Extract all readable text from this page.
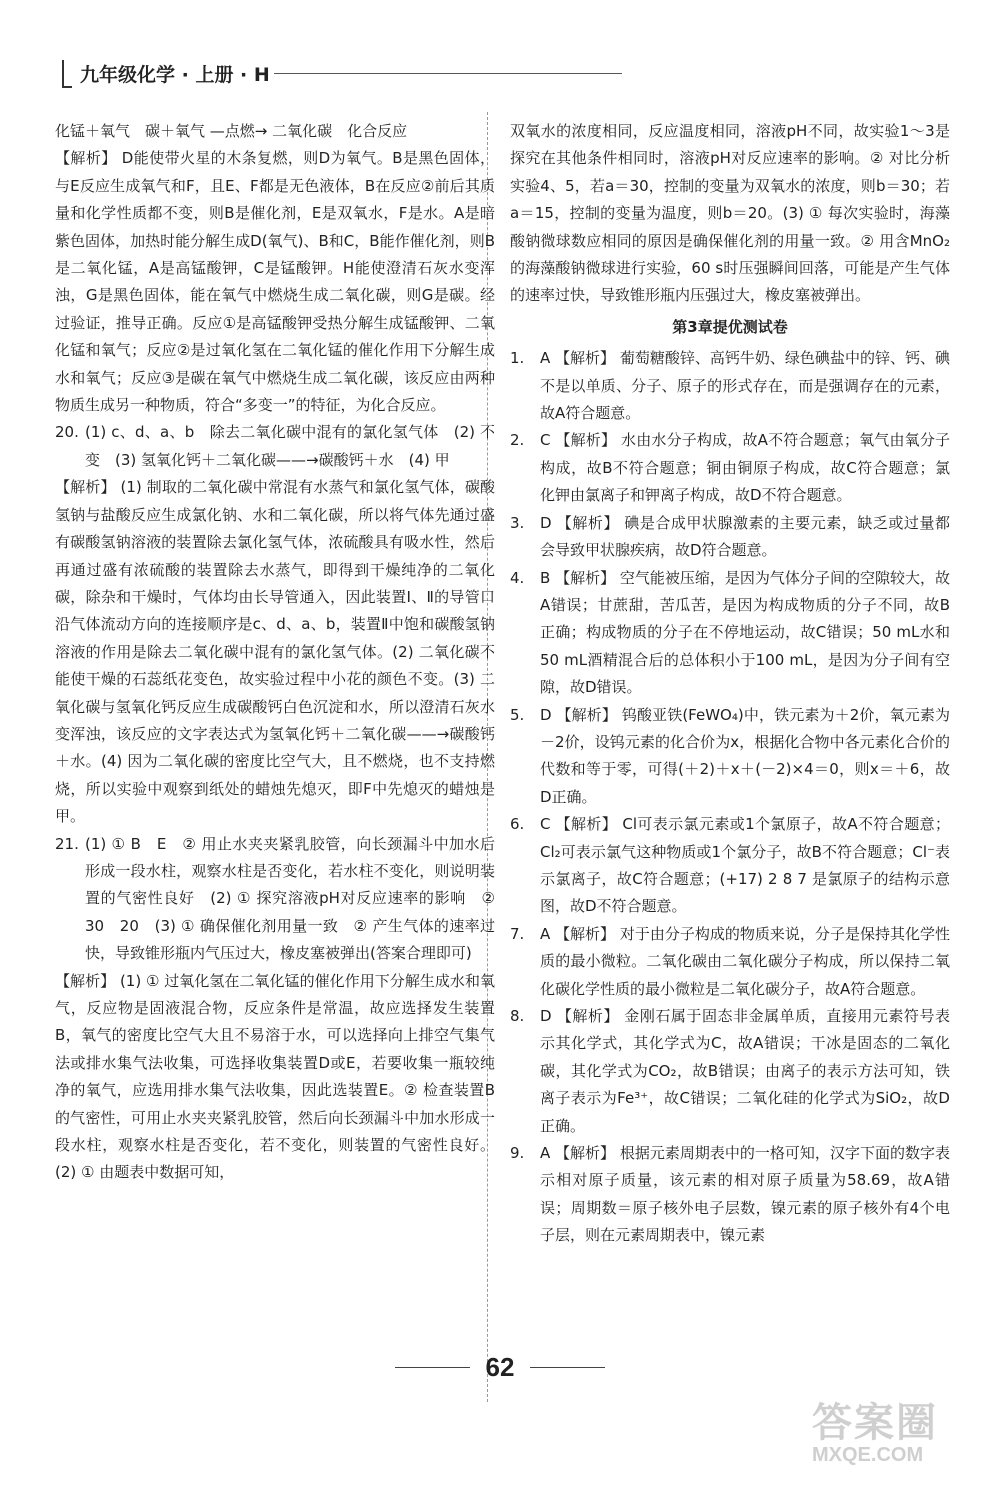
九年级化学 · 上册 · H

化锰＋氧气　碳＋氧气 —点燃→ 二氧化碳　化合反应

【解析】 D能使带火星的木条复燃，则D为氧气。B是黑色固体，与E反应生成氧气和F，且E、F都是无色液体，B在反应②前后其质量和化学性质都不变，则B是催化剂，E是双氧水，F是水。A是暗紫色固体，加热时能分解生成D(氧气)、B和C，B能作催化剂，则B是二氧化锰，A是高锰酸钾，C是锰酸钾。H能使澄清石灰水变浑浊，G是黑色固体，能在氧气中燃烧生成二氧化碳，则G是碳。经过验证，推导正确。反应①是高锰酸钾受热分解生成锰酸钾、二氧化锰和氧气；反应②是过氧化氢在二氧化锰的催化作用下分解生成水和氧气；反应③是碳在氧气中燃烧生成二氧化碳，该反应由两种物质生成另一种物质，符合“多变一”的特征，为化合反应。

20. (1) c、d、a、b　除去二氧化碳中混有的氯化氢气体　(2) 不变　(3) 氢氧化钙＋二氧化碳——→碳酸钙＋水　(4) 甲

【解析】 (1) 制取的二氧化碳中常混有水蒸气和氯化氢气体，碳酸氢钠与盐酸反应生成氯化钠、水和二氧化碳，所以将气体先通过盛有碳酸氢钠溶液的装置除去氯化氢气体，浓硫酸具有吸水性，然后再通过盛有浓硫酸的装置除去水蒸气，即得到干燥纯净的二氧化碳，除杂和干燥时，气体均由长导管通入，因此装置Ⅰ、Ⅱ的导管口沿气体流动方向的连接顺序是c、d、a、b，装置Ⅱ中饱和碳酸氢钠溶液的作用是除去二氧化碳中混有的氯化氢气体。(2) 二氧化碳不能使干燥的石蕊纸花变色，故实验过程中小花的颜色不变。(3) 二氧化碳与氢氧化钙反应生成碳酸钙白色沉淀和水，所以澄清石灰水变浑浊，该反应的文字表达式为氢氧化钙＋二氧化碳——→碳酸钙＋水。(4) 因为二氧化碳的密度比空气大，且不燃烧，也不支持燃烧，所以实验中观察到纸处的蜡烛先熄灭，即F中先熄灭的蜡烛是甲。

21. (1) ① B　E　② 用止水夹夹紧乳胶管，向长颈漏斗中加水后形成一段水柱，观察水柱是否变化，若水柱不变化，则说明装置的气密性良好　(2) ① 探究溶液pH对反应速率的影响　② 30　20　(3) ① 确保催化剂用量一致　② 产生气体的速率过快，导致锥形瓶内气压过大，橡皮塞被弹出(答案合理即可)

【解析】 (1) ① 过氧化氢在二氧化锰的催化作用下分解生成水和氧气，反应物是固液混合物，反应条件是常温，故应选择发生装置B，氧气的密度比空气大且不易溶于水，可以选择向上排空气集气法或排水集气法收集，可选择收集装置D或E，若要收集一瓶较纯净的氧气，应选用排水集气法收集，因此选装置E。② 检查装置B的气密性，可用止水夹夹紧乳胶管，然后向长颈漏斗中加水形成一段水柱，观察水柱是否变化，若不变化，则装置的气密性良好。(2) ① 由题表中数据可知，

双氧水的浓度相同，反应温度相同，溶液pH不同，故实验1～3是探究在其他条件相同时，溶液pH对反应速率的影响。② 对比分析实验4、5，若a＝30，控制的变量为双氧水的浓度，则b＝30；若a＝15，控制的变量为温度，则b＝20。(3) ① 每次实验时，海藻酸钠微球数应相同的原因是确保催化剂的用量一致。② 用含MnO₂的海藻酸钠微球进行实验，60 s时压强瞬间回落，可能是产生气体的速率过快，导致锥形瓶内压强过大，橡皮塞被弹出。

第3章提优测试卷

1. A 【解析】 葡萄糖酸锌、高钙牛奶、绿色碘盐中的锌、钙、碘不是以单质、分子、原子的形式存在，而是强调存在的元素，故A符合题意。

2. C 【解析】 水由水分子构成，故A不符合题意；氧气由氧分子构成，故B不符合题意；铜由铜原子构成，故C符合题意；氯化钾由氯离子和钾离子构成，故D不符合题意。

3. D 【解析】 碘是合成甲状腺激素的主要元素，缺乏或过量都会导致甲状腺疾病，故D符合题意。

4. B 【解析】 空气能被压缩，是因为气体分子间的空隙较大，故A错误；甘蔗甜，苦瓜苦，是因为构成物质的分子不同，故B正确；构成物质的分子在不停地运动，故C错误；50 mL水和50 mL酒精混合后的总体积小于100 mL，是因为分子间有空隙，故D错误。

5. D 【解析】 钨酸亚铁(FeWO₄)中，铁元素为＋2价，氧元素为－2价，设钨元素的化合价为x，根据化合物中各元素化合价的代数和等于零，可得(＋2)＋x＋(－2)×4＝0，则x＝＋6，故D正确。

6. C 【解析】 Cl可表示氯元素或1个氯原子，故A不符合题意；Cl₂可表示氯气这种物质或1个氯分子，故B不符合题意；Cl⁻表示氯离子，故C符合题意；(+17) 2 8 7 是氯原子的结构示意图，故D不符合题意。

7. A 【解析】 对于由分子构成的物质来说，分子是保持其化学性质的最小微粒。二氧化碳由二氧化碳分子构成，所以保持二氧化碳化学性质的最小微粒是二氧化碳分子，故A符合题意。

8. D 【解析】 金刚石属于固态非金属单质，直接用元素符号表示其化学式，其化学式为C，故A错误；干冰是固态的二氧化碳，其化学式为CO₂，故B错误；由离子的表示方法可知，铁离子表示为Fe³⁺，故C错误；二氧化硅的化学式为SiO₂，故D正确。

9. A 【解析】 根据元素周期表中的一格可知，汉字下面的数字表示相对原子质量，该元素的相对原子质量为58.69，故A错误；周期数＝原子核外电子层数，镍元素的原子核外有4个电子层，则在元素周期表中，镍元素

62
答案圈
MXQE.COM
